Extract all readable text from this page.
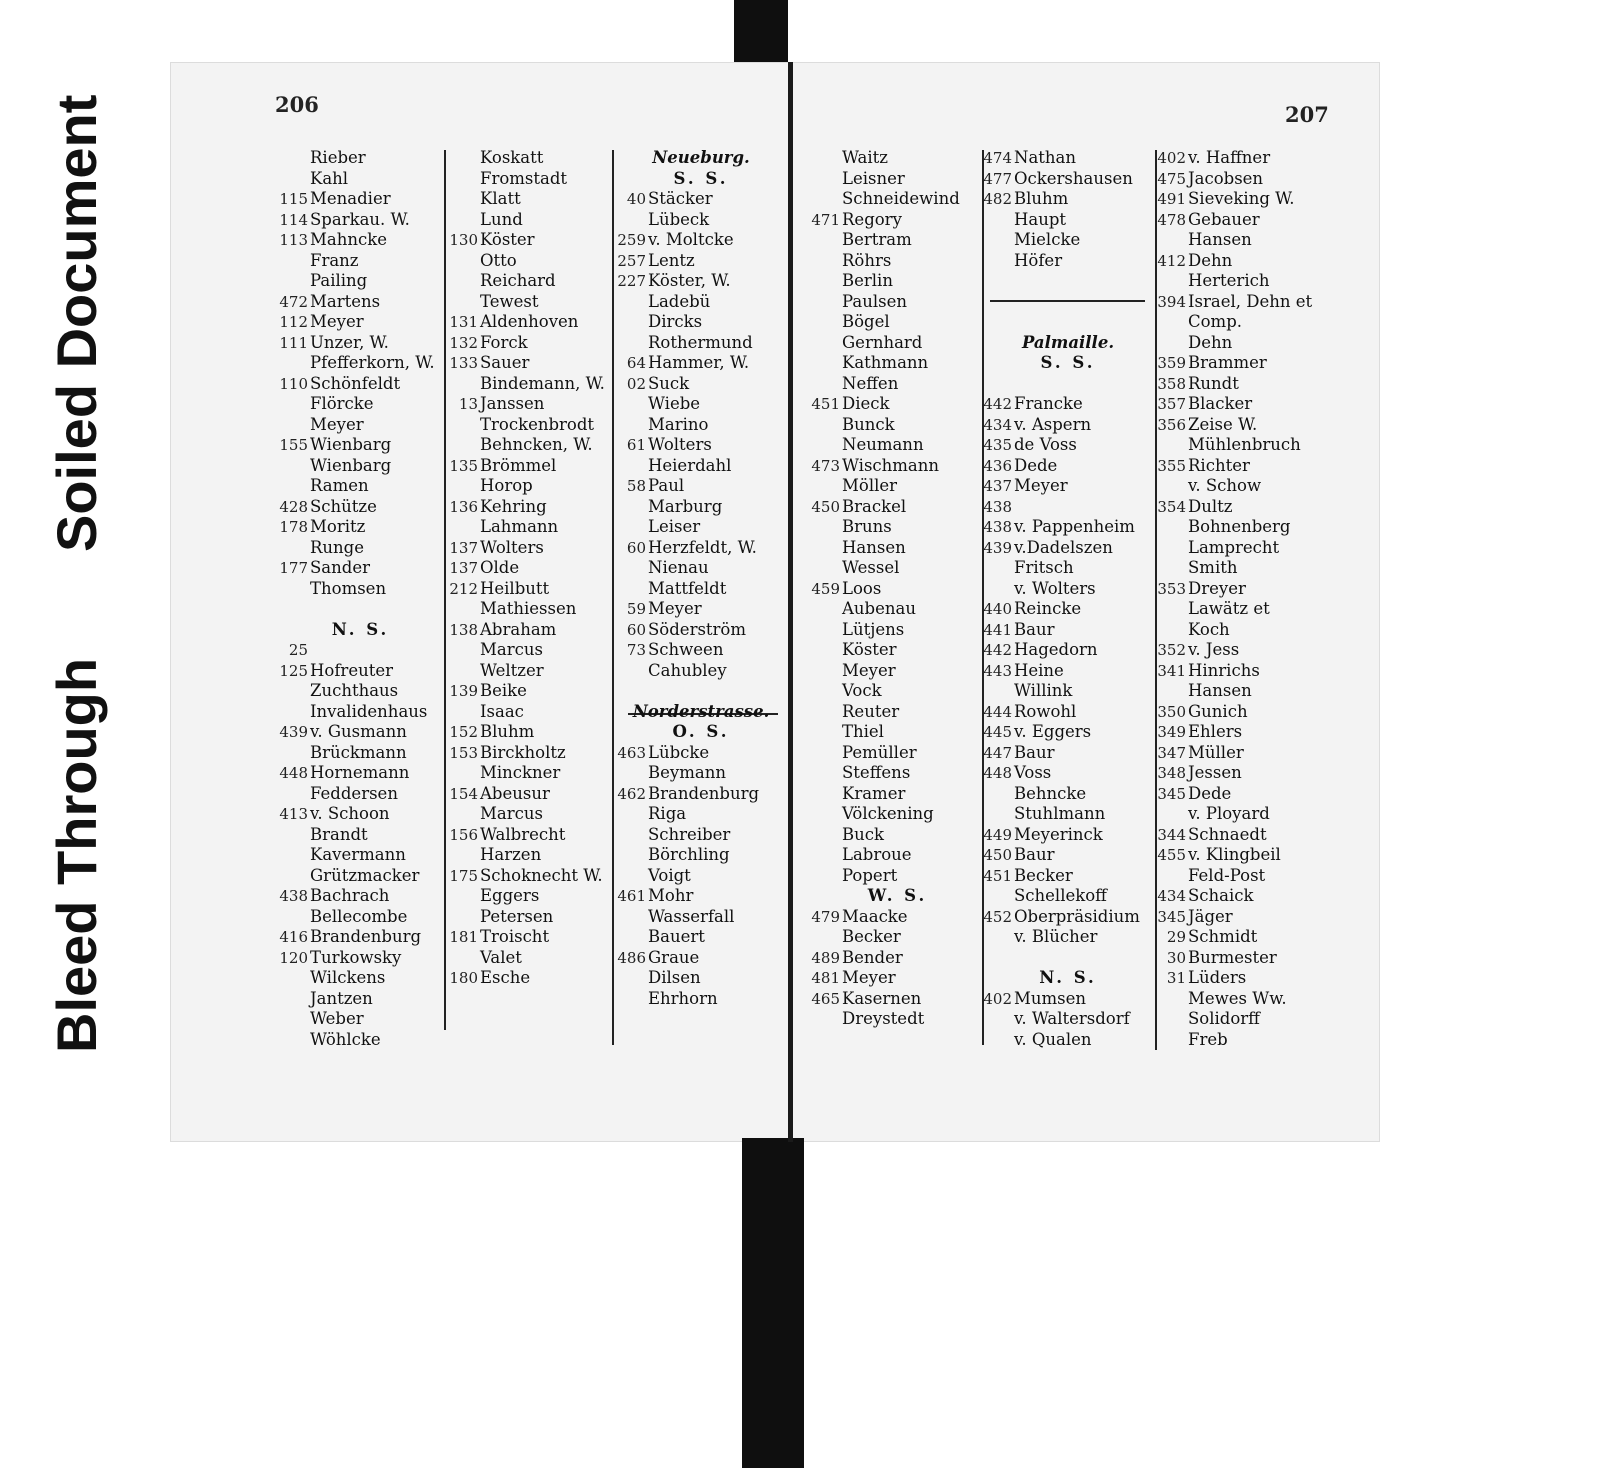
Soiled Document
Bleed Through
206	207
Rieber
Kahl
115 Menadier
114 Sparkau. W.
113 Mahncke
Franz
Pailing
472 Martens
112 Meyer
111 Unzer, W.
Pfefferkorn, W.
110 Schönfeldt
Flörcke
Meyer
155 Wienbarg
Wienbarg
Ramen
428 Schütze
178 Moritz
Runge
177 Sander
Thomsen
N. S.
25
125 Hofreuter
Zuchthaus
Invalidenhaus
439 v. Gusmann
Brückmann
448 Hornemann
Feddersen
413 v. Schoon
Brandt
Kavermann
Grützmacker
438 Bachrach
Bellecombe
416 Brandenburg
120 Turkowsky
Wilckens
Jantzen
Weber
Wöhlcke
Koskatt
Fromstadt
Klatt
Lund
130 Köster
Otto
Reichard
Tewest
131 Aldenhoven
132 Forck
133 Sauer
Bindemann, W.
13 Janssen
Trockenbrodt
Behncken, W.
135 Brömmel
Horop
136 Kehring
Lahmann
137 Wolters
137 Olde
212 Heilbutt
Mathiessen
138 Abraham
Marcus
Weltzer
139 Beike
Isaac
152 Bluhm
153 Birckholtz
Minckner
154 Abeusur
Marcus
156 Walbrecht
Harzen
175 Schoknecht W.
Eggers
Petersen
181 Troischt
Valet
180 Esche
Neueburg.
S. S.
40 Stäcker
Lübeck
259 v. Moltcke
257 Lentz
227 Köster, W.
Ladebü
Dircks
Rothermund
64 Hammer, W.
02 Suck
Wiebe
Marino
61 Wolters
Heierdahl
58 Paul
Marburg
Leiser
60 Herzfeldt, W.
Nienau
Mattfeldt
59 Meyer
60 Söderström
73 Schween
Cahubley
Norderstrasse.
O. S.
463 Lübcke
Beymann
462 Brandenburg
Riga
Schreiber
Börchling
Voigt
461 Mohr
Wasserfall
Bauert
486 Graue
Dilsen
Ehrhorn
Waitz
Leisner
Schneidewind
471 Regory
Bertram
Röhrs
Berlin
Paulsen
Bögel
Gernhard
Kathmann
Neffen
451 Dieck
Bunck
Neumann
473 Wischmann
Möller
450 Brackel
Bruns
Hansen
Wessel
459 Loos
Aubenau
Lütjens
Köster
Meyer
Vock
Reuter
Thiel
Pemüller
Steffens
Kramer
Völckening
Buck
Labroue
Popert
W. S.
479 Maacke
Becker
489 Bender
481 Meyer
465 Kasernen
Dreystedt
474 Nathan
477 Ockershausen
482 Bluhm
Haupt
Mielcke
Höfer
Palmaille.
S. S.
442 Francke
434 v. Aspern
435 de Voss
436 Dede
437 Meyer
438
438 v. Pappenheim
439 v.Dadelszen
Fritsch
v. Wolters
440 Reincke
441 Baur
442 Hagedorn
443 Heine
Willink
444 Rowohl
445 v. Eggers
447 Baur
448 Voss
Behncke
Stuhlmann
449 Meyerinck
450 Baur
451 Becker
Schellekoff
452 Oberpräsidium
v. Blücher
N. S.
402 Mumsen
v. Waltersdorf
v. Qualen
402 v. Haffner
475 Jacobsen
491 Sieveking W.
478 Gebauer
Hansen
412 Dehn
Herterich
394 Israel, Dehn et
Comp.
Dehn
359 Brammer
358 Rundt
357 Blacker
356 Zeise W.
Mühlenbruch
355 Richter
v. Schow
354 Dultz
Bohnenberg
Lamprecht
Smith
353 Dreyer
Lawätz et
Koch
352 v. Jess
341 Hinrichs
Hansen
350 Gunich
349 Ehlers
347 Müller
348 Jessen
345 Dede
v. Ployard
344 Schnaedt
455 v. Klingbeil
Feld-Post
434 Schaick
345 Jäger
29 Schmidt
30 Burmester
31 Lüders
Mewes Ww.
Solidorff
Freb
